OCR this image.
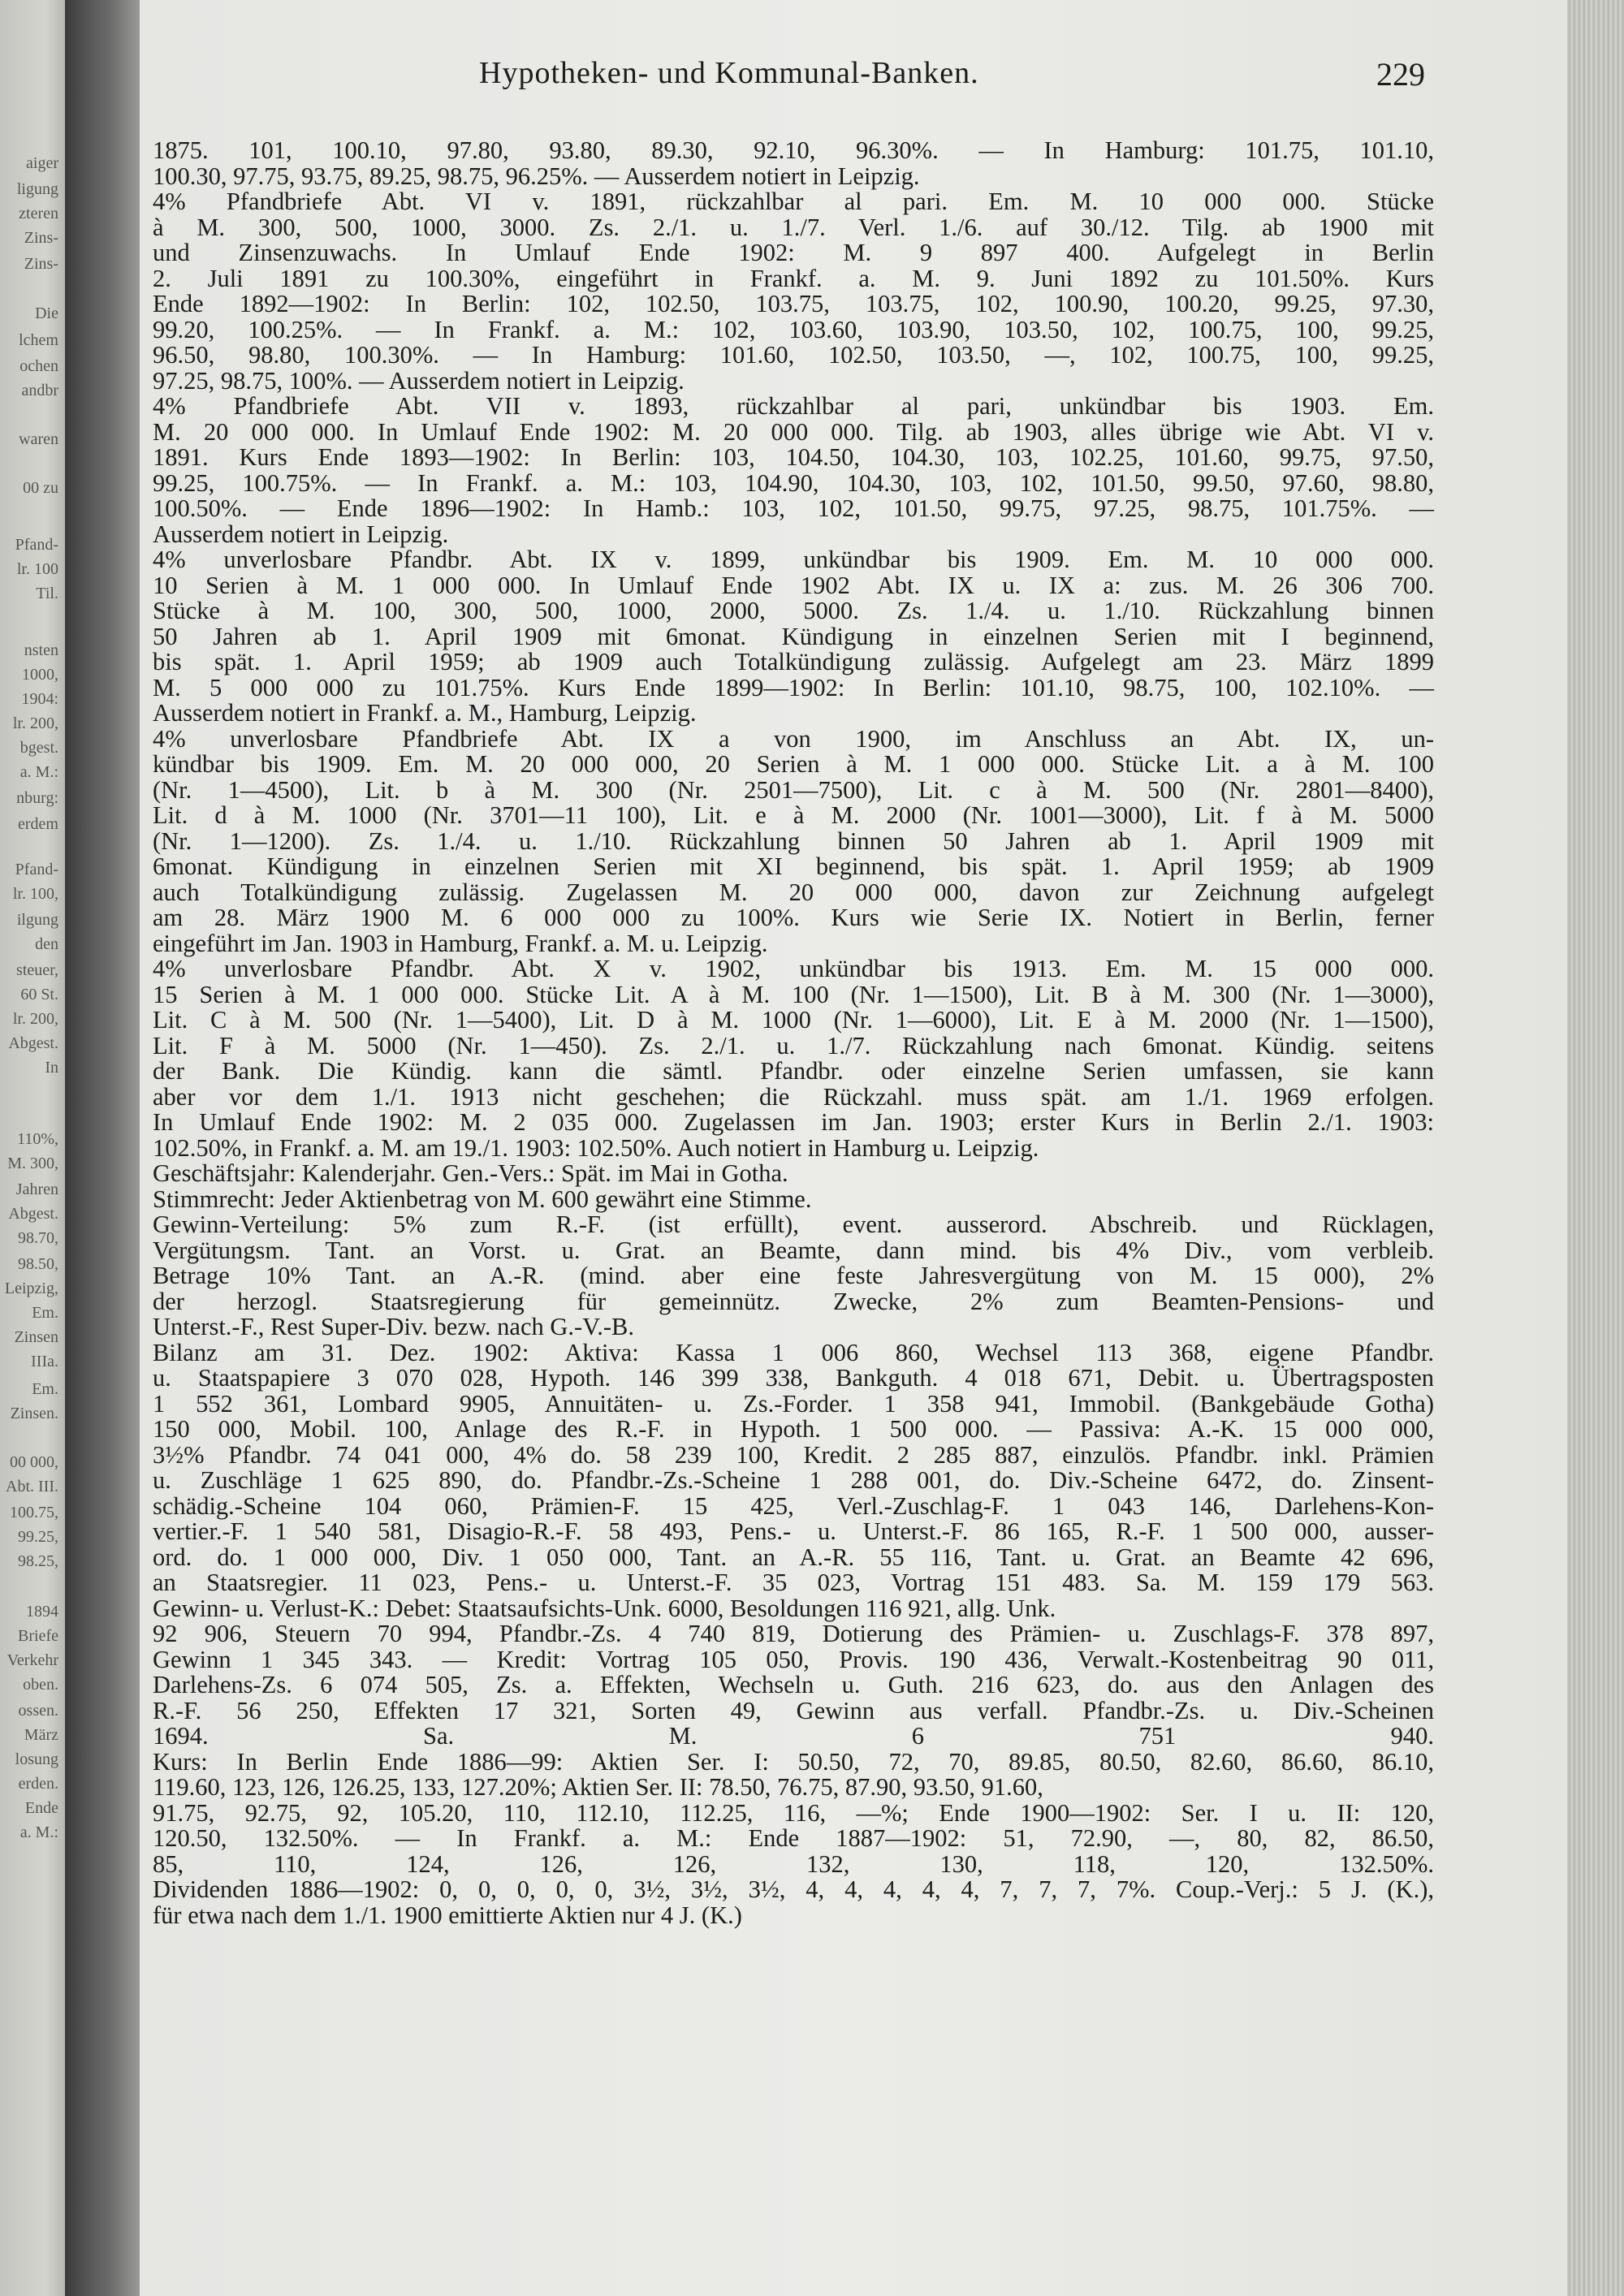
aiger
ligung
zteren
Zins-
Zins-
Die
lchem
ochen
andbr
waren
00 zu
Pfand-
lr. 100
Til.
nsten
1000,
1904:
lr. 200,
bgest.
a. M.:
nburg:
erdem
Pfand-
lr. 100,
ilgung
den
steuer,
60 St.
lr. 200,
Abgest.
In
110%,
M. 300,
Jahren
Abgest.
98.70,
98.50,
Leipzig,
Em.
Zinsen
IIIa.
Em.
Zinsen.
00 000,
Abt. III.
100.75,
99.25,
98.25,
1894
Briefe
Verkehr
oben.
ossen.
März
losung
erden.
Ende
a. M.:
Hypotheken- und Kommunal-Banken.	229
1875. 101, 100.10, 97.80, 93.80, 89.30, 92.10, 96.30%. — In Hamburg: 101.75, 101.10,
100.30, 97.75, 93.75, 89.25, 98.75, 96.25%. — Ausserdem notiert in Leipzig.
4% Pfandbriefe Abt. VI v. 1891, rückzahlbar al pari. Em. M. 10 000 000. Stücke
à M. 300, 500, 1000, 3000. Zs. 2./1. u. 1./7. Verl. 1./6. auf 30./12. Tilg. ab 1900 mit
und Zinsenzuwachs. In Umlauf Ende 1902: M. 9 897 400. Aufgelegt in Berlin
2. Juli 1891 zu 100.30%, eingeführt in Frankf. a. M. 9. Juni 1892 zu 101.50%. Kurs
Ende 1892—1902: In Berlin: 102, 102.50, 103.75, 103.75, 102, 100.90, 100.20, 99.25, 97.30,
99.20, 100.25%. — In Frankf. a. M.: 102, 103.60, 103.90, 103.50, 102, 100.75, 100, 99.25,
96.50, 98.80, 100.30%. — In Hamburg: 101.60, 102.50, 103.50, —, 102, 100.75, 100, 99.25,
97.25, 98.75, 100%. — Ausserdem notiert in Leipzig.
4% Pfandbriefe Abt. VII v. 1893, rückzahlbar al pari, unkündbar bis 1903. Em.
M. 20 000 000. In Umlauf Ende 1902: M. 20 000 000. Tilg. ab 1903, alles übrige wie Abt. VI v.
1891. Kurs Ende 1893—1902: In Berlin: 103, 104.50, 104.30, 103, 102.25, 101.60, 99.75, 97.50,
99.25, 100.75%. — In Frankf. a. M.: 103, 104.90, 104.30, 103, 102, 101.50, 99.50, 97.60, 98.80,
100.50%. — Ende 1896—1902: In Hamb.: 103, 102, 101.50, 99.75, 97.25, 98.75, 101.75%. —
Ausserdem notiert in Leipzig.
4% unverlosbare Pfandbr. Abt. IX v. 1899, unkündbar bis 1909. Em. M. 10 000 000.
10 Serien à M. 1 000 000. In Umlauf Ende 1902 Abt. IX u. IX a: zus. M. 26 306 700.
Stücke à M. 100, 300, 500, 1000, 2000, 5000. Zs. 1./4. u. 1./10. Rückzahlung binnen
50 Jahren ab 1. April 1909 mit 6monat. Kündigung in einzelnen Serien mit I beginnend,
bis spät. 1. April 1959; ab 1909 auch Totalkündigung zulässig. Aufgelegt am 23. März 1899
M. 5 000 000 zu 101.75%. Kurs Ende 1899—1902: In Berlin: 101.10, 98.75, 100, 102.10%. —
Ausserdem notiert in Frankf. a. M., Hamburg, Leipzig.
4% unverlosbare Pfandbriefe Abt. IX a von 1900, im Anschluss an Abt. IX, un-
kündbar bis 1909. Em. M. 20 000 000, 20 Serien à M. 1 000 000. Stücke Lit. a à M. 100
(Nr. 1—4500), Lit. b à M. 300 (Nr. 2501—7500), Lit. c à M. 500 (Nr. 2801—8400),
Lit. d à M. 1000 (Nr. 3701—11 100), Lit. e à M. 2000 (Nr. 1001—3000), Lit. f à M. 5000
(Nr. 1—1200). Zs. 1./4. u. 1./10. Rückzahlung binnen 50 Jahren ab 1. April 1909 mit
6monat. Kündigung in einzelnen Serien mit XI beginnend, bis spät. 1. April 1959; ab 1909
auch Totalkündigung zulässig. Zugelassen M. 20 000 000, davon zur Zeichnung aufgelegt
am 28. März 1900 M. 6 000 000 zu 100%. Kurs wie Serie IX. Notiert in Berlin, ferner
eingeführt im Jan. 1903 in Hamburg, Frankf. a. M. u. Leipzig.
4% unverlosbare Pfandbr. Abt. X v. 1902, unkündbar bis 1913. Em. M. 15 000 000.
15 Serien à M. 1 000 000. Stücke Lit. A à M. 100 (Nr. 1—1500), Lit. B à M. 300 (Nr. 1—3000),
Lit. C à M. 500 (Nr. 1—5400), Lit. D à M. 1000 (Nr. 1—6000), Lit. E à M. 2000 (Nr. 1—1500),
Lit. F à M. 5000 (Nr. 1—450). Zs. 2./1. u. 1./7. Rückzahlung nach 6monat. Kündig. seitens
der Bank. Die Kündig. kann die sämtl. Pfandbr. oder einzelne Serien umfassen, sie kann
aber vor dem 1./1. 1913 nicht geschehen; die Rückzahl. muss spät. am 1./1. 1969 erfolgen.
In Umlauf Ende 1902: M. 2 035 000. Zugelassen im Jan. 1903; erster Kurs in Berlin 2./1. 1903:
102.50%, in Frankf. a. M. am 19./1. 1903: 102.50%. Auch notiert in Hamburg u. Leipzig.
Geschäftsjahr: Kalenderjahr. Gen.-Vers.: Spät. im Mai in Gotha.
Stimmrecht: Jeder Aktienbetrag von M. 600 gewährt eine Stimme.
Gewinn-Verteilung: 5% zum R.-F. (ist erfüllt), event. ausserord. Abschreib. und Rücklagen,
Vergütungsm. Tant. an Vorst. u. Grat. an Beamte, dann mind. bis 4% Div., vom verbleib.
Betrage 10% Tant. an A.-R. (mind. aber eine feste Jahresvergütung von M. 15 000), 2%
der herzogl. Staatsregierung für gemeinnütz. Zwecke, 2% zum Beamten-Pensions- und
Unterst.-F., Rest Super-Div. bezw. nach G.-V.-B.
Bilanz am 31. Dez. 1902: Aktiva: Kassa 1 006 860, Wechsel 113 368, eigene Pfandbr.
u. Staatspapiere 3 070 028, Hypoth. 146 399 338, Bankguth. 4 018 671, Debit. u. Übertragsposten
1 552 361, Lombard 9905, Annuitäten- u. Zs.-Forder. 1 358 941, Immobil. (Bankgebäude Gotha)
150 000, Mobil. 100, Anlage des R.-F. in Hypoth. 1 500 000. — Passiva: A.-K. 15 000 000,
3½% Pfandbr. 74 041 000, 4% do. 58 239 100, Kredit. 2 285 887, einzulös. Pfandbr. inkl. Prämien
u. Zuschläge 1 625 890, do. Pfandbr.-Zs.-Scheine 1 288 001, do. Div.-Scheine 6472, do. Zinsent-
schädig.-Scheine 104 060, Prämien-F. 15 425, Verl.-Zuschlag-F. 1 043 146, Darlehens-Kon-
vertier.-F. 1 540 581, Disagio-R.-F. 58 493, Pens.- u. Unterst.-F. 86 165, R.-F. 1 500 000, ausser-
ord. do. 1 000 000, Div. 1 050 000, Tant. an A.-R. 55 116, Tant. u. Grat. an Beamte 42 696,
an Staatsregier. 11 023, Pens.- u. Unterst.-F. 35 023, Vortrag 151 483. Sa. M. 159 179 563.
Gewinn- u. Verlust-K.: Debet: Staatsaufsichts-Unk. 6000, Besoldungen 116 921, allg. Unk.
92 906, Steuern 70 994, Pfandbr.-Zs. 4 740 819, Dotierung des Prämien- u. Zuschlags-F. 378 897,
Gewinn 1 345 343. — Kredit: Vortrag 105 050, Provis. 190 436, Verwalt.-Kostenbeitrag 90 011,
Darlehens-Zs. 6 074 505, Zs. a. Effekten, Wechseln u. Guth. 216 623, do. aus den Anlagen des
R.-F. 56 250, Effekten 17 321, Sorten 49, Gewinn aus verfall. Pfandbr.-Zs. u. Div.-Scheinen
1694. Sa. M. 6 751 940.
Kurs: In Berlin Ende 1886—99: Aktien Ser. I: 50.50, 72, 70, 89.85, 80.50, 82.60, 86.60, 86.10,
119.60, 123, 126, 126.25, 133, 127.20%; Aktien Ser. II: 78.50, 76.75, 87.90, 93.50, 91.60,
91.75, 92.75, 92, 105.20, 110, 112.10, 112.25, 116, —%; Ende 1900—1902: Ser. I u. II: 120,
120.50, 132.50%. — In Frankf. a. M.: Ende 1887—1902: 51, 72.90, —, 80, 82, 86.50,
85, 110, 124, 126, 126, 132, 130, 118, 120, 132.50%.
Dividenden 1886—1902: 0, 0, 0, 0, 0, 3½, 3½, 3½, 4, 4, 4, 4, 4, 7, 7, 7, 7%. Coup.-Verj.: 5 J. (K.),
für etwa nach dem 1./1. 1900 emittierte Aktien nur 4 J. (K.)
